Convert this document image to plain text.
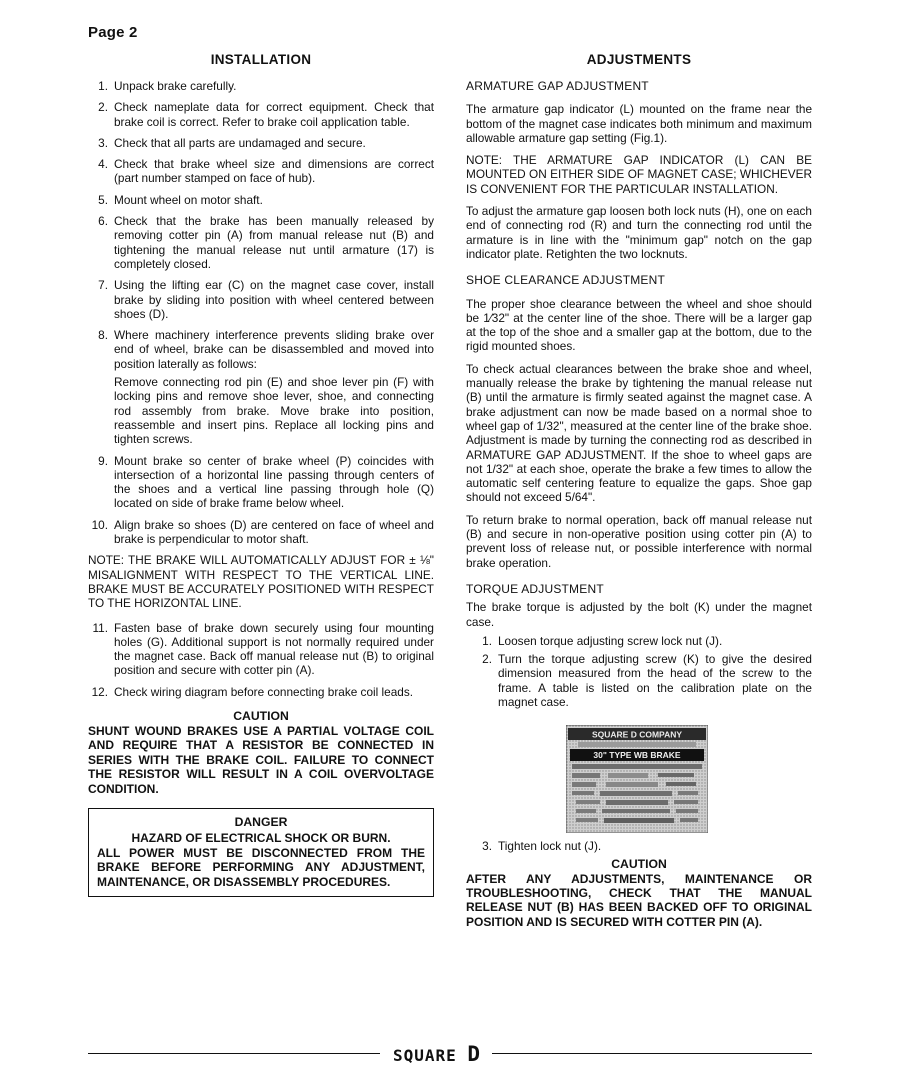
Page 2
INSTALLATION
1. Unpack brake carefully.
2. Check nameplate data for correct equipment. Check that brake coil is correct. Refer to brake coil application table.
3. Check that all parts are undamaged and secure.
4. Check that brake wheel size and dimensions are correct (part number stamped on face of hub).
5. Mount wheel on motor shaft.
6. Check that the brake has been manually released by removing cotter pin (A) from manual release nut (B) and tightening the manual release nut until armature (17) is completely closed.
7. Using the lifting ear (C) on the magnet case cover, install brake by sliding into position with wheel centered between shoes (D).
8. Where machinery interference prevents sliding brake over end of wheel, brake can be disassembled and moved into position laterally as follows:
Remove connecting rod pin (E) and shoe lever pin (F) with locking pins and remove shoe lever, shoe, and connecting rod assembly from brake. Move brake into position, reassemble and insert pins. Replace all locking pins and tighten screws.
9. Mount brake so center of brake wheel (P) coincides with intersection of a horizontal line passing through centers of the shoes and a vertical line passing through hole (Q) located on side of brake frame below wheel.
10. Align brake so shoes (D) are centered on face of wheel and brake is perpendicular to motor shaft.
NOTE: THE BRAKE WILL AUTOMATICALLY ADJUST FOR ± ⅛" MISALIGNMENT WITH RESPECT TO THE VERTICAL LINE. BRAKE MUST BE ACCURATELY POSITIONED WITH RESPECT TO THE HORIZONTAL LINE.
11. Fasten base of brake down securely using four mounting holes (G). Additional support is not normally required under the magnet case. Back off manual release nut (B) to original position and secure with cotter pin (A).
12. Check wiring diagram before connecting brake coil leads.
CAUTION
SHUNT WOUND BRAKES USE A PARTIAL VOLTAGE COIL AND REQUIRE THAT A RESISTOR BE CONNECTED IN SERIES WITH THE BRAKE COIL. FAILURE TO CONNECT THE RESISTOR WILL RESULT IN A COIL OVERVOLTAGE CONDITION.
DANGER
HAZARD OF ELECTRICAL SHOCK OR BURN.
ALL POWER MUST BE DISCONNECTED FROM THE BRAKE BEFORE PERFORMING ANY ADJUSTMENT, MAINTENANCE, OR DISASSEMBLY PROCEDURES.
ADJUSTMENTS
ARMATURE GAP ADJUSTMENT

The armature gap indicator (L) mounted on the frame near the bottom of the magnet case indicates both minimum and maximum allowable armature gap setting (Fig.1).

NOTE: THE ARMATURE GAP INDICATOR (L) CAN BE MOUNTED ON EITHER SIDE OF MAGNET CASE; WHICHEVER IS CONVENIENT FOR THE PARTICULAR INSTALLATION.

To adjust the armature gap loosen both lock nuts (H), one on each end of connecting rod (R) and turn the connecting rod until the armature is in line with the "minimum gap" notch on the gap indicator plate. Retighten the two locknuts.

SHOE CLEARANCE ADJUSTMENT

The proper shoe clearance between the wheel and shoe should be 1⁄32" at the center line of the shoe. There will be a larger gap at the top of the shoe and a smaller gap at the bottom, due to the rigid mounted shoes.

To check actual clearances between the brake shoe and wheel, manually release the brake by tightening the manual release nut (B) until the armature is firmly seated against the magnet case. A brake adjustment can now be made based on a normal shoe to wheel gap of 1/32", measured at the center line of the brake shoe. Adjustment is made by turning the connecting rod as described in ARMATURE GAP ADJUSTMENT. If the shoe to wheel gaps are not 1/32" at each shoe, operate the brake a few times to allow the automatic self centering feature to equalize the gaps. Shoe gap should not exceed 5/64".

To return brake to normal operation, back off manual release nut (B) and secure in non-operative position using cotter pin (A) to prevent loss of release nut, or possible interference with normal brake operation.

TORQUE ADJUSTMENT

The brake torque is adjusted by the bolt (K) under the magnet case.

1. Loosen torque adjusting screw lock nut (J).
2. Turn the torque adjusting screw (K) to give the desired dimension measured from the head of the screw to the frame. A table is listed on the calibration plate on the magnet case.
SQUARE D COMPANY
30" TYPE WB BRAKE
3. Tighten lock nut (J).
CAUTION
AFTER ANY ADJUSTMENTS, MAINTENANCE OR TROUBLESHOOTING, CHECK THAT THE MANUAL RELEASE NUT (B) HAS BEEN BACKED OFF TO ORIGINAL POSITION AND IS SECURED WITH COTTER PIN (A).
SQUARE D
